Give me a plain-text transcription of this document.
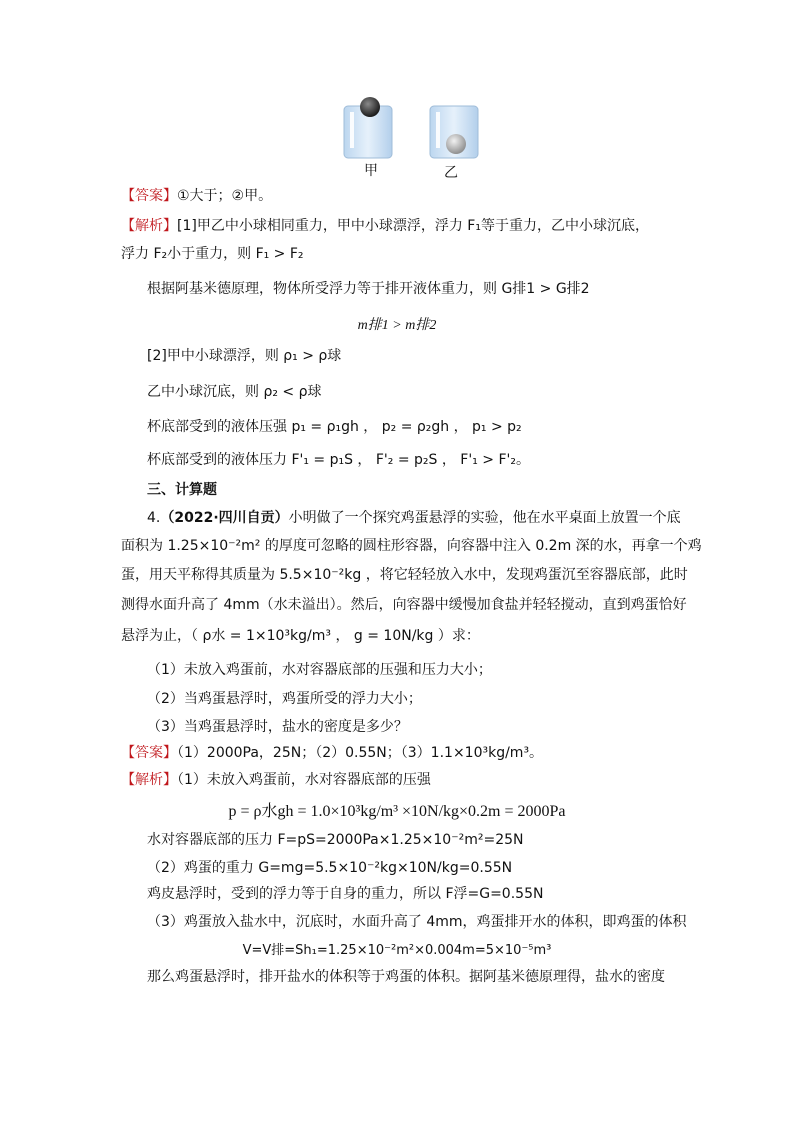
甲	乙
【答案】①大于；②甲。
【解析】[1]甲乙中小球相同重力，甲中小球漂浮，浮力 F₁等于重力，乙中小球沉底，
浮力 F₂小于重力，则 F₁ > F₂
根据阿基米德原理，物体所受浮力等于排开液体重力，则 G排1 > G排2
m排1 > m排2
[2]甲中小球漂浮，则 ρ₁ > ρ球
乙中小球沉底，则 ρ₂ < ρ球
杯底部受到的液体压强 p₁ = ρ₁gh ， p₂ = ρ₂gh ， p₁ > p₂
杯底部受到的液体压力 F'₁ = p₁S ， F'₂ = p₂S ， F'₁ > F'₂。
三、计算题
4.（2022·四川自贡）小明做了一个探究鸡蛋悬浮的实验，他在水平桌面上放置一个底
面积为 1.25×10⁻²m² 的厚度可忽略的圆柱形容器，向容器中注入 0.2m 深的水，再拿一个鸡
蛋，用天平称得其质量为 5.5×10⁻²kg ，将它轻轻放入水中，发现鸡蛋沉至容器底部，此时
测得水面升高了 4mm（水未溢出）。然后，向容器中缓慢加食盐并轻轻搅动，直到鸡蛋恰好
悬浮为止，（ ρ水 = 1×10³kg/m³ ， g = 10N/kg ）求：
（1）未放入鸡蛋前，水对容器底部的压强和压力大小；
（2）当鸡蛋悬浮时，鸡蛋所受的浮力大小；
（3）当鸡蛋悬浮时，盐水的密度是多少？
【答案】（1）2000Pa，25N；（2）0.55N；（3）1.1×10³kg/m³。
【解析】（1）未放入鸡蛋前，水对容器底部的压强
p = ρ水gh = 1.0×10³kg/m³ ×10N/kg×0.2m = 2000Pa
水对容器底部的压力 F=pS=2000Pa×1.25×10⁻²m²=25N
（2）鸡蛋的重力 G=mg=5.5×10⁻²kg×10N/kg=0.55N
鸡皮悬浮时，受到的浮力等于自身的重力，所以 F浮=G=0.55N
（3）鸡蛋放入盐水中，沉底时，水面升高了 4mm，鸡蛋排开水的体积，即鸡蛋的体积
V=V排=Sh₁=1.25×10⁻²m²×0.004m=5×10⁻⁵m³
那么鸡蛋悬浮时，排开盐水的体积等于鸡蛋的体积。据阿基米德原理得，盐水的密度
